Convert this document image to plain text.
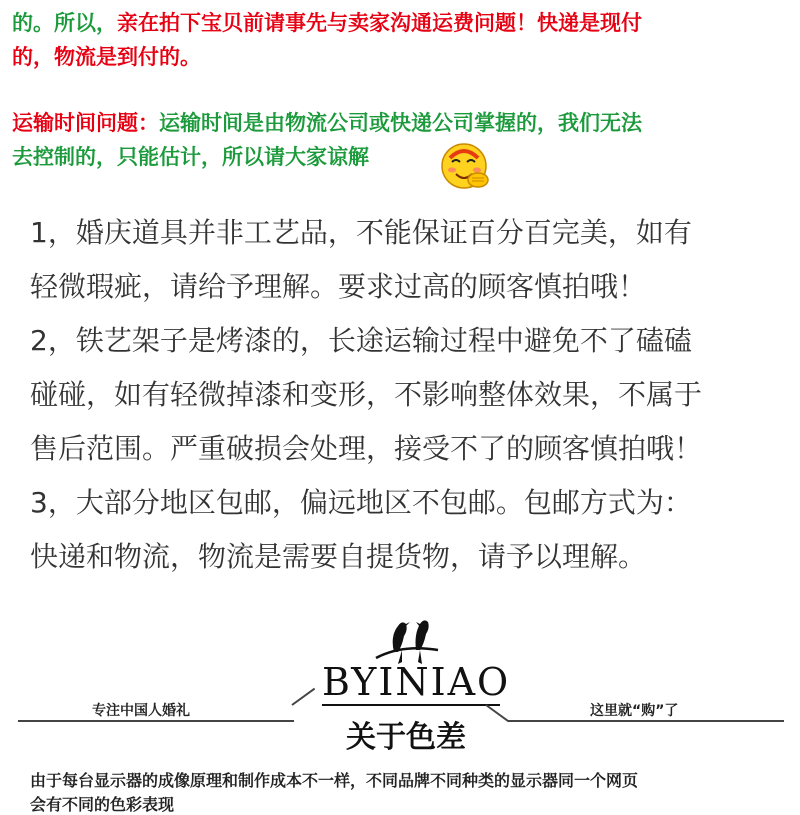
的。所以，亲在拍下宝贝前请事先与卖家沟通运费问题！快递是现付
的，物流是到付的。
运输时间问题：运输时间是由物流公司或快递公司掌握的，我们无法
去控制的，只能估计，所以请大家谅解
1，婚庆道具并非工艺品，不能保证百分百完美，如有
轻微瑕疵，请给予理解。要求过高的顾客慎拍哦！
2，铁艺架子是烤漆的，长途运输过程中避免不了磕磕
碰碰，如有轻微掉漆和变形，不影响整体效果，不属于
售后范围。严重破损会处理，接受不了的顾客慎拍哦！
3，大部分地区包邮，偏远地区不包邮。包邮方式为：
快递和物流，物流是需要自提货物，请予以理解。
BYINIAO
专注中国人婚礼	这里就“购”了
关于色差
由于每台显示器的成像原理和制作成本不一样，不同品牌不同种类的显示器同一个网页
会有不同的色彩表现
